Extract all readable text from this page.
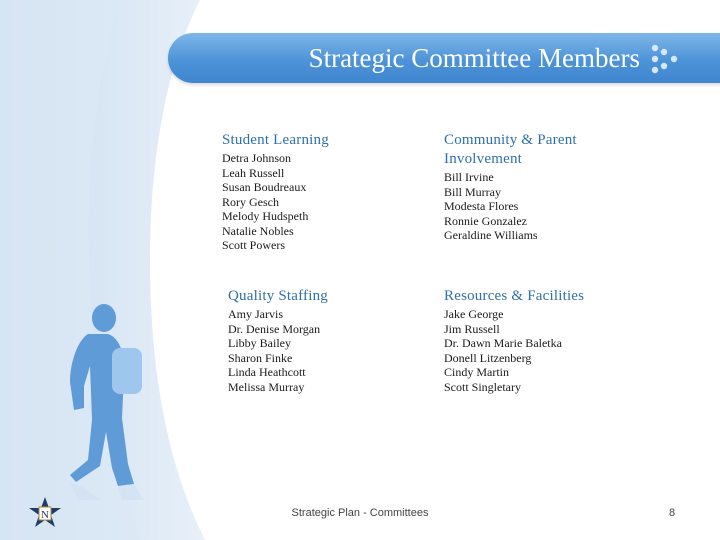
Strategic Committee Members
Student Learning
Detra Johnson
Leah Russell
Susan Boudreaux
Rory Gesch
Melody Hudspeth
Natalie Nobles
Scott Powers
Community & Parent Involvement
Bill Irvine
Bill Murray
Modesta Flores
Ronnie Gonzalez
Geraldine Williams
Quality Staffing
Amy Jarvis
Dr. Denise Morgan
Libby Bailey
Sharon Finke
Linda Heathcott
Melissa Murray
Resources & Facilities
Jake George
Jim Russell
Dr. Dawn Marie Baletka
Donell Litzenberg
Cindy Martin
Scott Singletary
N	Strategic Plan - Committees	8
